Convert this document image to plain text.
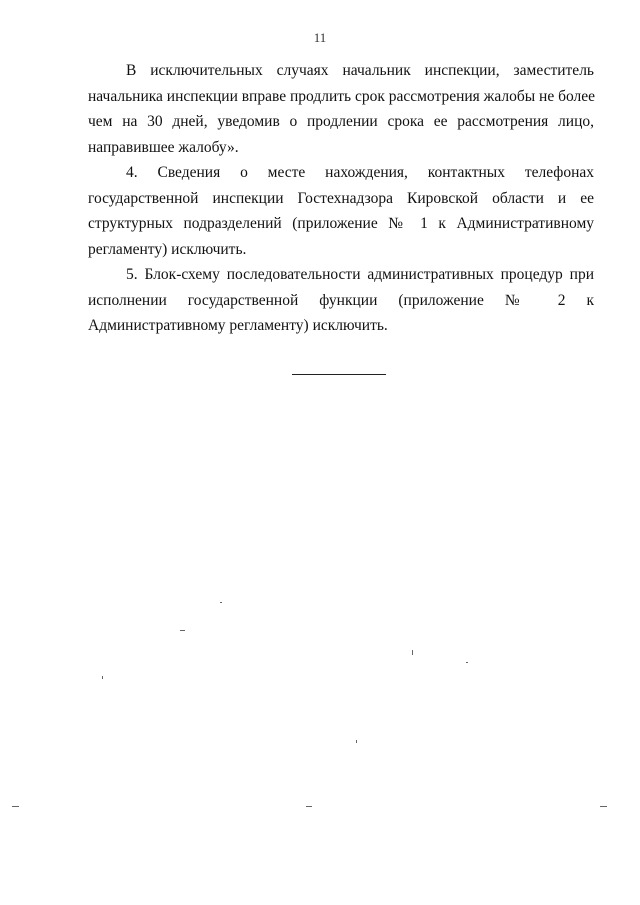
11

В исключительных случаях начальник инспекции, заместитель
начальника инспекции вправе продлить срок рассмотрения жалобы не более
чем на 30 дней, уведомив о продлении срока ее рассмотрения лицо,
направившее жалобу».

4. Сведения о месте нахождения, контактных телефонах
государственной инспекции Гостехнадзора Кировской области и ее
структурных подразделений (приложение № 1 к Административному
регламенту) исключить.

5. Блок-схему последовательности административных процедур при
исполнении государственной функции (приложение № 2 к
Административному регламенту) исключить.
